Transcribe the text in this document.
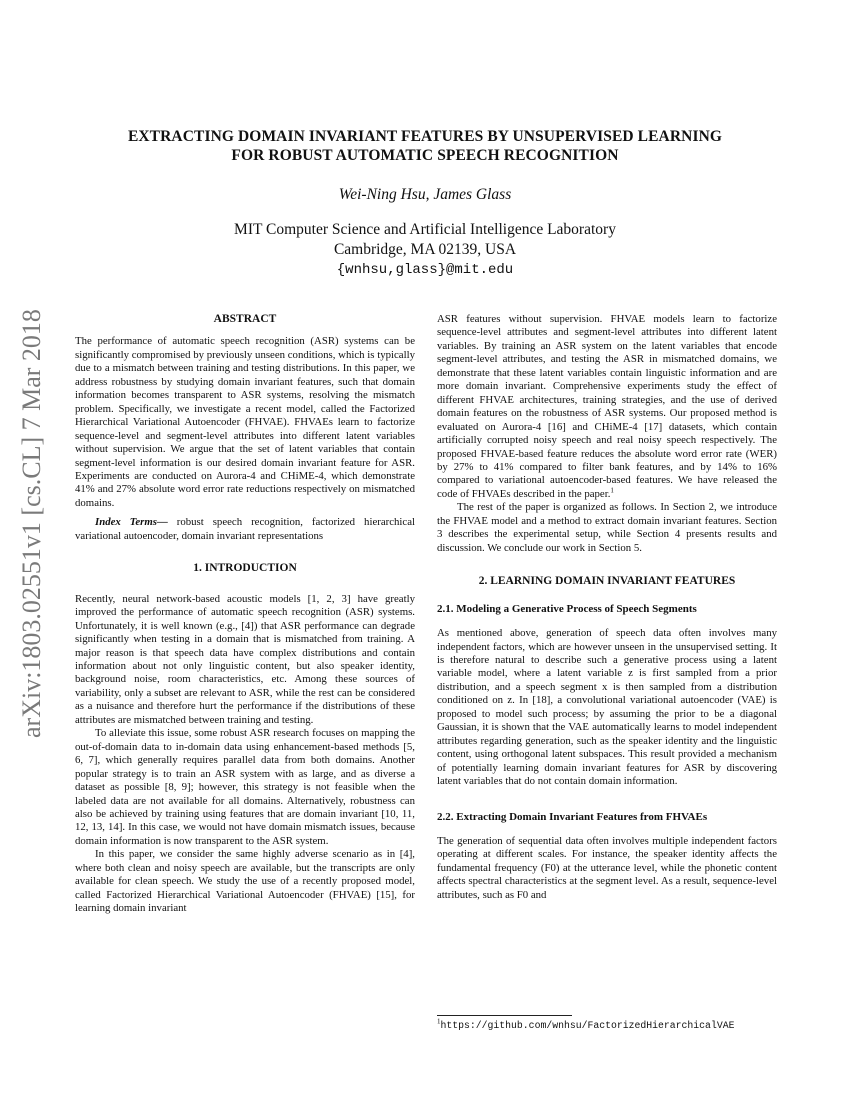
arXiv:1803.02551v1 [cs.CL] 7 Mar 2018
EXTRACTING DOMAIN INVARIANT FEATURES BY UNSUPERVISED LEARNING
FOR ROBUST AUTOMATIC SPEECH RECOGNITION
Wei-Ning Hsu, James Glass
MIT Computer Science and Artificial Intelligence Laboratory
Cambridge, MA 02139, USA
{wnhsu,glass}@mit.edu
ABSTRACT

The performance of automatic speech recognition (ASR) systems can be significantly compromised by previously unseen conditions, which is typically due to a mismatch between training and testing distributions. In this paper, we address robustness by studying domain invariant features, such that domain information becomes transparent to ASR systems, resolving the mismatch problem. Specifically, we investigate a recent model, called the Factorized Hierarchical Variational Autoencoder (FHVAE). FHVAEs learn to factorize sequence-level and segment-level attributes into different latent variables without supervision. We argue that the set of latent variables that contain segment-level information is our desired domain invariant feature for ASR. Experiments are conducted on Aurora-4 and CHiME-4, which demonstrate 41% and 27% absolute word error rate reductions respectively on mismatched domains.

Index Terms— robust speech recognition, factorized hierarchical variational autoencoder, domain invariant representations

1. INTRODUCTION

Recently, neural network-based acoustic models [1, 2, 3] have greatly improved the performance of automatic speech recognition (ASR) systems. Unfortunately, it is well known (e.g., [4]) that ASR performance can degrade significantly when testing in a domain that is mismatched from training. A major reason is that speech data have complex distributions and contain information about not only linguistic content, but also speaker identity, background noise, room characteristics, etc. Among these sources of variability, only a subset are relevant to ASR, while the rest can be considered as a nuisance and therefore hurt the performance if the distributions of these attributes are mismatched between training and testing.

To alleviate this issue, some robust ASR research focuses on mapping the out-of-domain data to in-domain data using enhancement-based methods [5, 6, 7], which generally requires parallel data from both domains. Another popular strategy is to train an ASR system with as large, and as diverse a dataset as possible [8, 9]; however, this strategy is not feasible when the labeled data are not available for all domains. Alternatively, robustness can also be achieved by training using features that are domain invariant [10, 11, 12, 13, 14]. In this case, we would not have domain mismatch issues, because domain information is now transparent to the ASR system.

In this paper, we consider the same highly adverse scenario as in [4], where both clean and noisy speech are available, but the transcripts are only available for clean speech. We study the use of a recently proposed model, called Factorized Hierarchical Variational Autoencoder (FHVAE) [15], for learning domain invariant

ASR features without supervision. FHVAE models learn to factorize sequence-level attributes and segment-level attributes into different latent variables. By training an ASR system on the latent variables that encode segment-level attributes, and testing the ASR in mismatched domains, we demonstrate that these latent variables contain linguistic information and are more domain invariant. Comprehensive experiments study the effect of different FHVAE architectures, training strategies, and the use of derived domain features on the robustness of ASR systems. Our proposed method is evaluated on Aurora-4 [16] and CHiME-4 [17] datasets, which contain artificially corrupted noisy speech and real noisy speech respectively. The proposed FHVAE-based feature reduces the absolute word error rate (WER) by 27% to 41% compared to filter bank features, and by 14% to 16% compared to variational autoencoder-based features. We have released the code of FHVAEs described in the paper.$^1$

The rest of the paper is organized as follows. In Section 2, we introduce the FHVAE model and a method to extract domain invariant features. Section 3 describes the experimental setup, while Section 4 presents results and discussion. We conclude our work in Section 5.

2. LEARNING DOMAIN INVARIANT FEATURES
2.1. Modeling a Generative Process of Speech Segments

As mentioned above, generation of speech data often involves many independent factors, which are however unseen in the unsupervised setting. It is therefore natural to describe such a generative process using a latent variable model, where a latent variable z is first sampled from a prior distribution, and a speech segment x is then sampled from a distribution conditioned on z. In [18], a convolutional variational autoencoder (VAE) is proposed to model such process; by assuming the prior to be a diagonal Gaussian, it is shown that the VAE automatically learns to model independent attributes regarding generation, such as the speaker identity and the linguistic content, using orthogonal latent subspaces. This result provided a mechanism of potentially learning domain invariant features for ASR by discovering latent variables that do not contain domain information.

2.2. Extracting Domain Invariant Features from FHVAEs

The generation of sequential data often involves multiple independent factors operating at different scales. For instance, the speaker identity affects the fundamental frequency (F0) at the utterance level, while the phonetic content affects spectral characteristics at the segment level. As a result, sequence-level attributes, such as F0 and

$^1$https://github.com/wnhsu/FactorizedHierarchicalVAE
